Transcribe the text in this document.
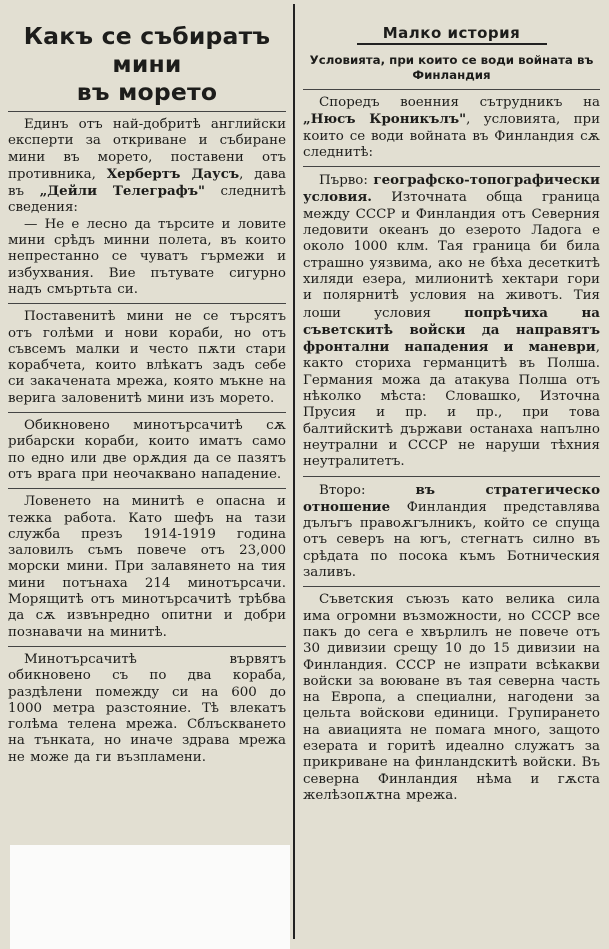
Какъ се събиратъ мини
въ морето

Единъ отъ най-добритѣ английски експерти за откриване и събиране мини въ морето, поставени отъ противника, Хербертъ Даусъ, дава въ „Дейли Телеграфъ" следнитѣ сведения:

— Не е лесно да търсите и ловите мини срѣдъ минни полета, въ които непрестанно се чуватъ гърмежи и избухвания. Вие пътувате сигурно надъ смъртьта си.

Поставенитѣ мини не се търсятъ отъ голѣми и нови кораби, но отъ съвсемъ малки и често пѫти стари корабчета, които влѣкатъ задъ себе си закачената мрежа, която мъкне на верига заловенитѣ мини изъ морето.

Обикновено минотърсачитѣ сѫ рибарски кораби, които иматъ само по едно или две орѫдия да се пазятъ отъ врага при неочаквано нападение.

Ловенето на минитѣ е опасна и тежка работа. Като шефъ на тази служба презъ 1914-1919 година заловилъ съмъ повече отъ 23,000 морски мини. При залавянето на тия мини потънаха 214 минотърсачи. Морящитѣ отъ минотърсачитѣ трѣбва да сѫ извънредно опитни и добри познавачи на минитѣ.

Минотърсачитѣ вървятъ обикновено съ по два кораба, раздѣлени помежду си на 600 до 1000 метра разстояние. Тѣ влекатъ голѣма телена мрежа. Сблъскването на тънката, но иначе здрава мрежа не може да ги възпламени.

Малко история
Условията, при които се води войната въ Финландия

Споредъ военния сътрудникъ на „Нюсъ Кроникълъ", условията, при които се води войната въ Финландия сѫ следнитѣ:

Първо: географско-топографически условия. Източната обща граница между СССР и Финландия отъ Северния ледовити океанъ до езерото Ладога е около 1000 клм. Тая граница би била страшно уязвима, ако не бѣха десеткитѣ хиляди езера, милионитѣ хектари гори и полярнитѣ условия на животъ. Тия лоши условия попрѣчиха на съветскитѣ войски да направятъ фронтални нападения и маневри, както сториха германцитѣ въ Полша. Германия можа да атакува Полша отъ нѣколко мѣста: Словашко, Източна Прусия и пр. и пр., при това балтийскитѣ държави останаха напълно неутрални и СССР не наруши тѣхния неутралитетъ.

Второ: въ стратегическо отношение Финландия представлява дълъгъ правоѫгълникъ, който се спуща отъ северъ на югъ, стегнатъ силно въ срѣдата по посока къмъ Ботническия заливъ.

Съветския съюзъ като велика сила има огромни възможности, но СССР все пакъ до сега е хвърлилъ не повече отъ 30 дивизии срещу 10 до 15 дивизии на Финландия. СССР не изпрати всѣкакви войски за воюване въ тая северна часть на Европа, а специални, нагодени за цельта войскови единици. Групирането на авиацията не помага много, защото езерата и горитѣ идеално служатъ за прикриване на финландскитѣ войски. Въ северна Финландия нѣма и гѫста желѣзопѫтна мрежа.
